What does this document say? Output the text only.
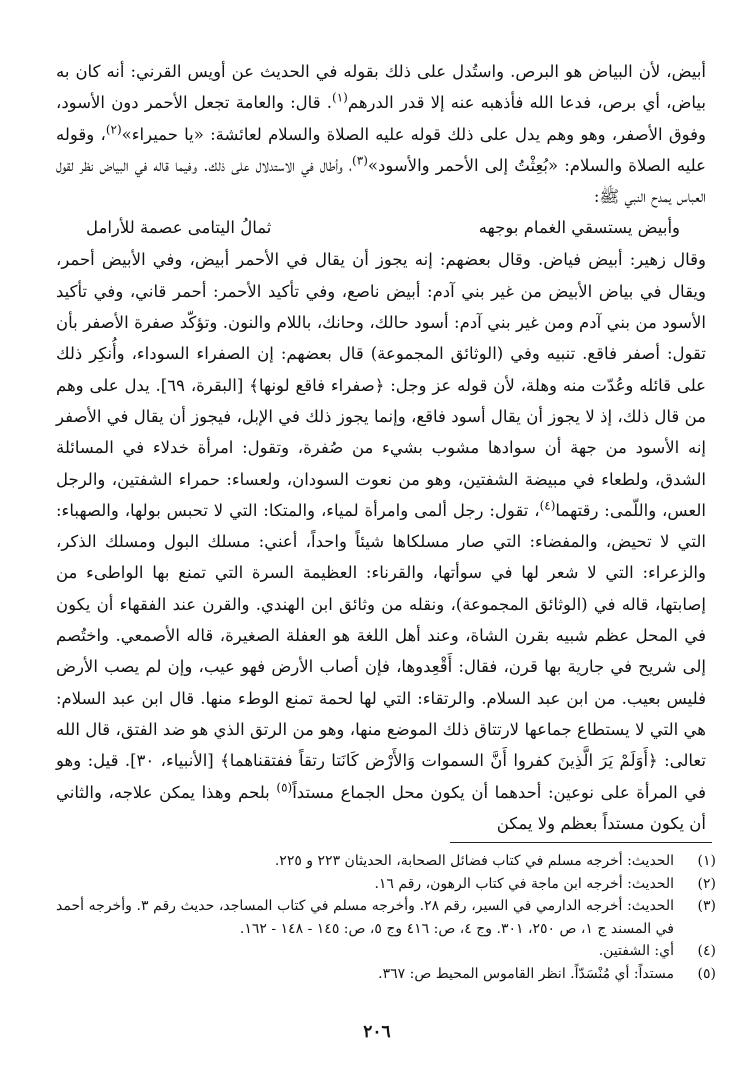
أبيض، لأن البياض هو البرص. واستُدل على ذلك بقوله في الحديث عن أويس القرني: أنه كان به بياض، أي برص، فدعا الله فأذهبه عنه إلا قدر الدرهم$^{(١)}$. قال: والعامة تجعل الأحمر دون الأسود، وفوق الأصفر، وهو وهم يدل على ذلك قوله عليه الصلاة والسلام لعائشة: «يا حميراء»$^{(٢)}$، وقوله عليه الصلاة والسلام: «بُعِثْتُ إلى الأحمر والأسود»$^{(٣)}$، وأطال في الاستدلال على ذلك. وفيما قاله في البياض نظر لقول العباس يمدح النبي ﷺ:

وأبيض يستسقي الغمام بوجهه
ثمالُ اليتامى عصمة للأرامل

وقال زهير: أبيض فياض. وقال بعضهم: إنه يجوز أن يقال في الأحمر أبيض، وفي الأبيض أحمر، ويقال في بياض الأبيض من غير بني آدم: أبيض ناصع، وفي تأكيد الأحمر: أحمر قاني، وفي تأكيد الأسود من بني آدم ومن غير بني آدم: أسود حالك، وحانك، باللام والنون. وتؤكّد صفرة الأصفر بأن تقول: أصفر فاقع. تنبيه وفي (الوثائق المجموعة) قال بعضهم: إن الصفراء السوداء، وأُنكِر ذلك على قائله وعُدّت منه وهلة، لأن قوله عز وجل: ﴿صفراء فاقع لونها﴾ [البقرة، ٦٩]. يدل على وهم من قال ذلك، إذ لا يجوز أن يقال أسود فاقع، وإنما يجوز ذلك في الإبل، فيجوز أن يقال في الأصفر إنه الأسود من جهة أن سوادها مشوب بشيء من صُفرة، وتقول: امرأة خدلاء في المسائلة الشدق، ولطعاء في مبيضة الشفتين، وهو من نعوت السودان، ولعساء: حمراء الشفتين، والرجل العس، واللّمى: رقتهما$^{(٤)}$، تقول: رجل ألمى وامرأة لمياء، والمتكا: التي لا تحبس بولها، والصهباء: التي لا تحيض، والمفضاء: التي صار مسلكاها شيئاً واحداً، أعني: مسلك البول ومسلك الذكر، والزعراء: التي لا شعر لها في سوأتها، والقرناء: العظيمة السرة التي تمنع بها الواطىء من إصابتها، قاله في (الوثائق المجموعة)، ونقله من وثائق ابن الهندي. والقرن عند الفقهاء أن يكون في المحل عظم شبيه بقرن الشاة، وعند أهل اللغة هو العفلة الصغيرة، قاله الأصمعي. واختُصم إلى شريح في جارية بها قرن، فقال: أَقْعِدوها، فإن أصاب الأرض فهو عيب، وإن لم يصب الأرض فليس بعيب. من ابن عبد السلام. والرتقاء: التي لها لحمة تمنع الوطء منها. قال ابن عبد السلام: هي التي لا يستطاع جماعها لارتتاق ذلك الموضع منها، وهو من الرتق الذي هو ضد الفتق، قال الله تعالى: ﴿أَوَلَمْ يَرَ الَّذِينَ كفروا أَنَّ السموات وَالأَرْض كَانَتا رتقاً ففتقناهما﴾ [الأنبياء، ٣٠]. قيل: وهو في المرأة على نوعين: أحدهما أن يكون محل الجماع مستداً$^{(٥)}$ بلحم وهذا يمكن علاجه، والثاني أن يكون مستداً بعظم ولا يمكن

(١)
الحديث: أخرجه مسلم في كتاب فضائل الصحابة، الحديثان ٢٢٣ و ٢٢٥.
(٢)
الحديث: أخرجه ابن ماجة في كتاب الرهون، رقم ١٦.
(٣)
الحديث: أخرجه الدارمي في السير، رقم ٢٨. وأخرجه مسلم في كتاب المساجد، حديث رقم ٣. وأخرجه أحمد في المسند ج ١، ص ٢٥٠، ٣٠١. وج ٤، ص: ٤١٦ وج ٥، ص: ١٤٥ - ١٤٨ - ١٦٢.
(٤)
أي: الشفتين.
(٥)
مستداً: أي مُنْسَدّاً. انظر القاموس المحيط ص: ٣٦٧.
٢٠٦
